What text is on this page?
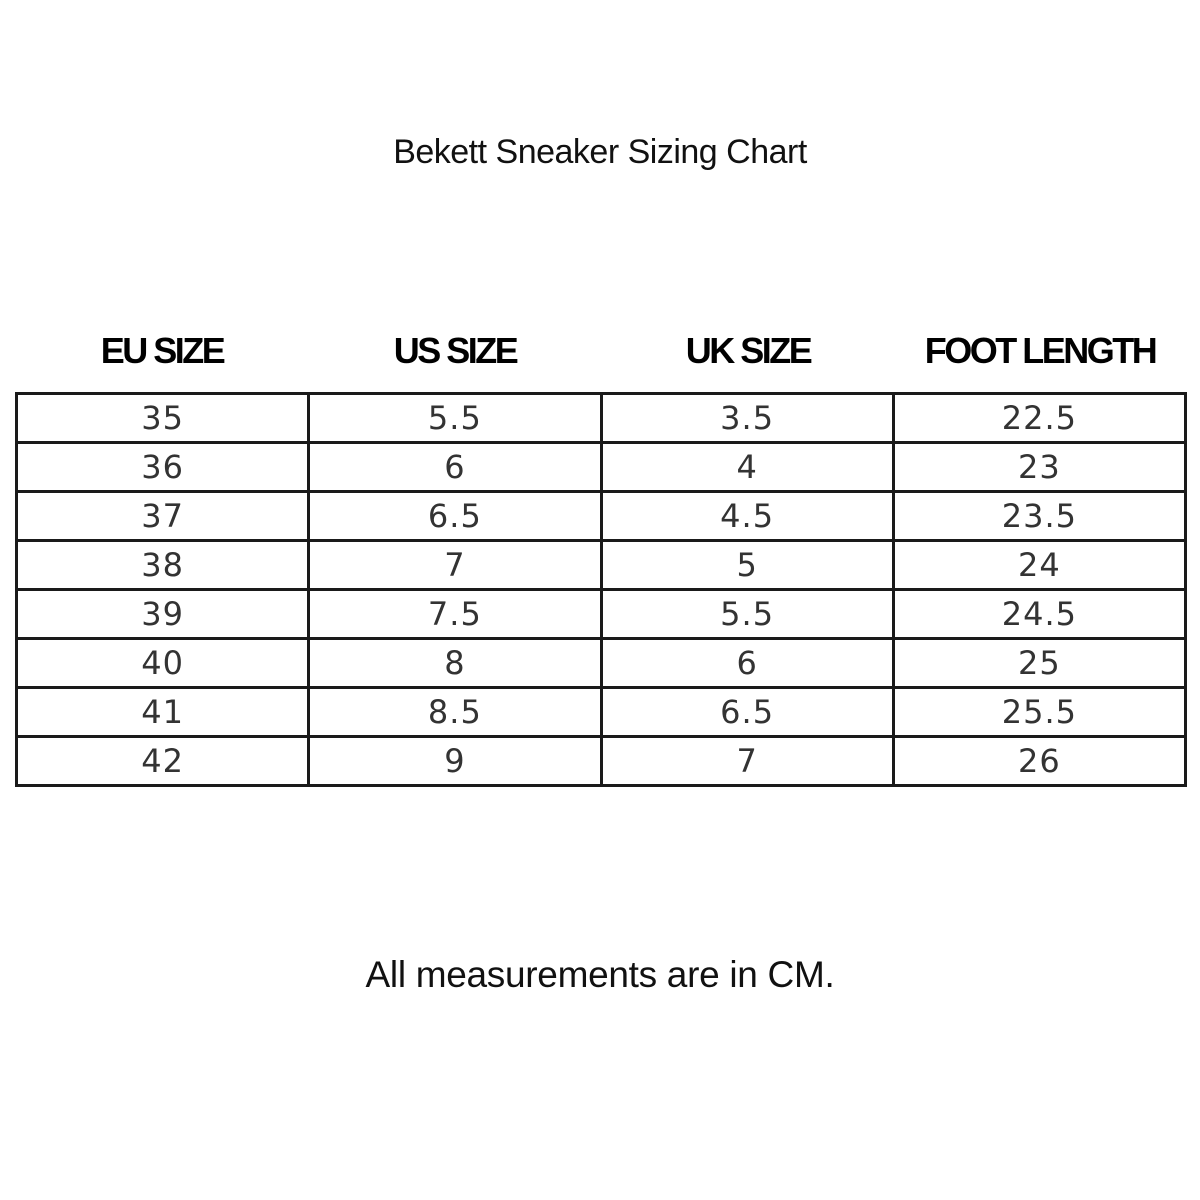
Bekett Sneaker Sizing Chart
EU SIZE	US SIZE	UK SIZE	FOOT LENGTH
35	5.5	3.5	22.5
36	6	4	23
37	6.5	4.5	23.5
38	7	5	24
39	7.5	5.5	24.5
40	8	6	25
41	8.5	6.5	25.5
42	9	7	26
All measurements are in CM.
